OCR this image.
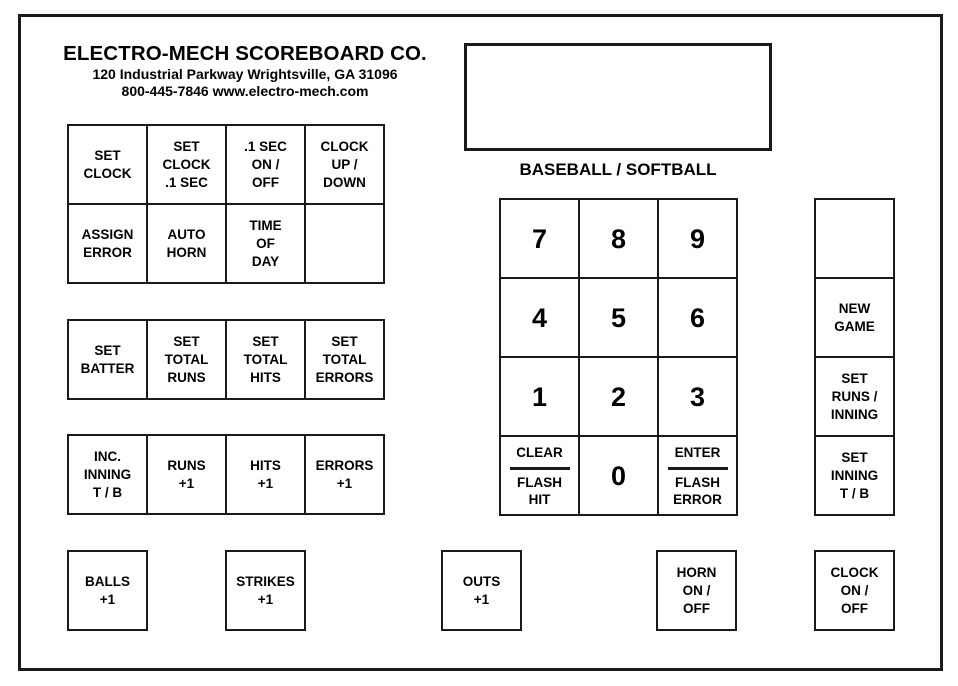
ELECTRO-MECH SCOREBOARD CO.
120 Industrial Parkway Wrightsville, GA 31096
800-445-7846 www.electro-mech.com
BASEBALL / SOFTBALL
SET
CLOCK
SET
CLOCK
.1 SEC
.1 SEC
ON /
OFF
CLOCK
UP /
DOWN
ASSIGN
ERROR
AUTO
HORN
TIME
OF
DAY
SET
BATTER
SET
TOTAL
RUNS
SET
TOTAL
HITS
SET
TOTAL
ERRORS
INC.
INNING
T / B
RUNS
+1
HITS
+1
ERRORS
+1
BALLS
+1
STRIKES
+1
OUTS
+1
HORN
ON /
OFF
CLOCK
ON /
OFF
7	8	9
4	5	6
1	2	3
CLEAR
FLASH
HIT
0
ENTER
FLASH
ERROR
NEW
GAME
SET
RUNS /
INNING
SET
INNING
T / B
